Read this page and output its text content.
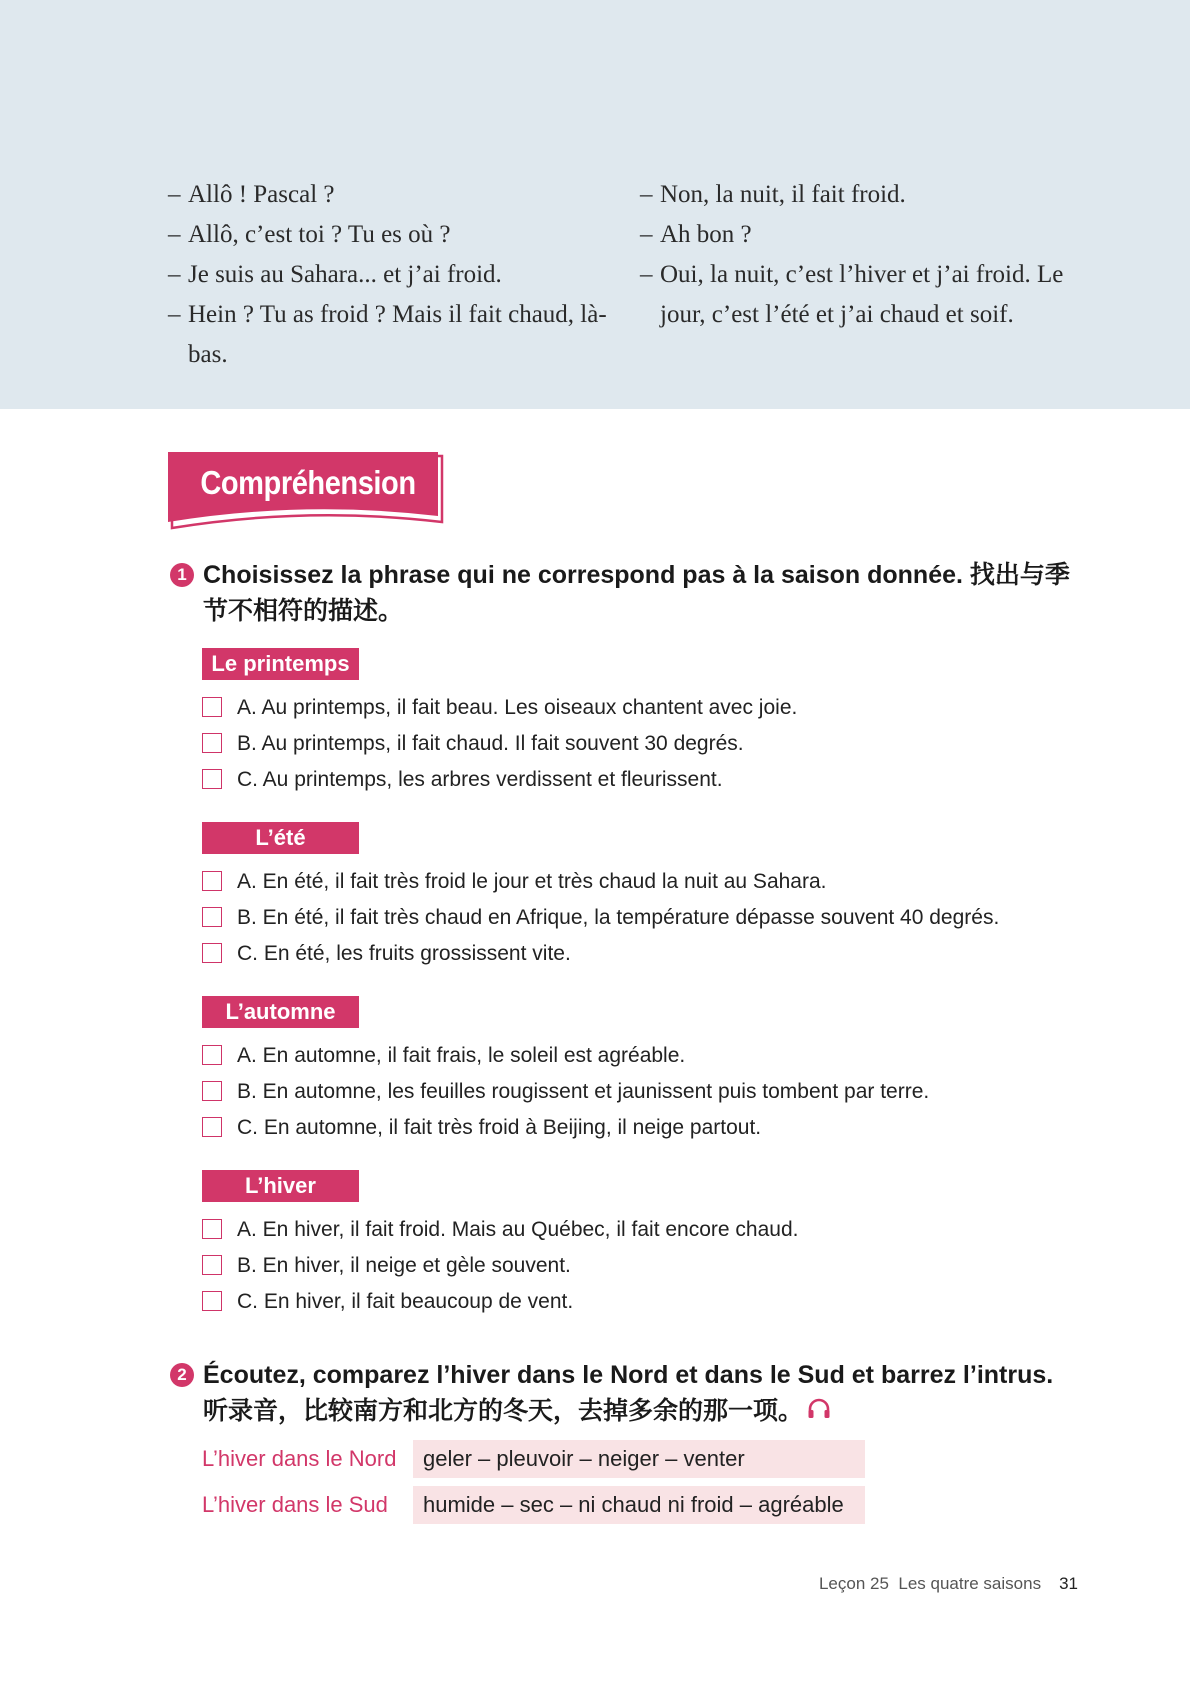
– Allô ! Pascal ?
– Allô, c’est toi ? Tu es où ?
– Je suis au Sahara... et j’ai froid.
– Hein ? Tu as froid ? Mais il fait chaud, là-bas.
– Non, la nuit, il fait froid.
– Ah bon ?
– Oui, la nuit, c’est l’hiver et j’ai froid. Le jour, c’est l’été et j’ai chaud et soif.
Compréhension
1 Choisissez la phrase qui ne correspond pas à la saison donnée. 找出与季节不相符的描述。
Le printemps
A. Au printemps, il fait beau. Les oiseaux chantent avec joie.
B. Au printemps, il fait chaud. Il fait souvent 30 degrés.
C. Au printemps, les arbres verdissent et fleurissent.
L’été
A. En été, il fait très froid le jour et très chaud la nuit au Sahara.
B. En été, il fait très chaud en Afrique, la température dépasse souvent 40 degrés.
C. En été, les fruits grossissent vite.
L’automne
A. En automne, il fait frais, le soleil est agréable.
B. En automne, les feuilles rougissent et jaunissent puis tombent par terre.
C. En automne, il fait très froid à Beijing, il neige partout.
L’hiver
A. En hiver, il fait froid. Mais au Québec, il fait encore chaud.
B. En hiver, il neige et gèle souvent.
C. En hiver, il fait beaucoup de vent.
2 Écoutez, comparez l’hiver dans le Nord et dans le Sud et barrez l’intrus. 听录音，比较南方和北方的冬天，去掉多余的那一项。
L’hiver dans le Nord	geler – pleuvoir – neiger – venter
L’hiver dans le Sud	humide – sec – ni chaud ni froid – agréable
Leçon 25  Les quatre saisons 31
